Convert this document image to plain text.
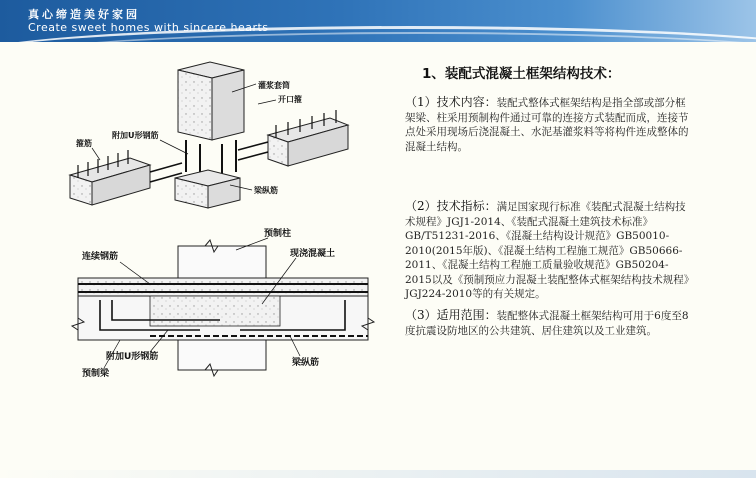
真心缔造美好家园
Create sweet homes with sincere hearts
灌浆套筒
开口箍
箍筋
附加U形钢筋
梁纵筋
预制柱
连续钢筋	现浇混凝土
附加U形钢筋
梁纵筋
预制梁
1、装配式混凝土框架结构技术：
（1）技术内容：装配式整体式框架结构是指全部或部分框架梁、柱采用预制构件通过可靠的连接方式装配而成，连接节点处采用现场后浇混凝土、水泥基灌浆料等将构件连成整体的混凝土结构。
（2）技术指标：满足国家现行标准《装配式混凝土结构技术规程》JGJ1-2014、《装配式混凝土建筑技术标准》GB/T51231-2016、《混凝土结构设计规范》GB50010-2010(2015年版)、《混凝土结构工程施工规范》GB50666-2011、《混凝土结构工程施工质量验收规范》GB50204-2015以及《预制预应力混凝土装配整体式框架结构技术规程》JGJ224-2010等的有关规定。
（3）适用范围：装配整体式混凝土框架结构可用于6度至8度抗震设防地区的公共建筑、居住建筑以及工业建筑。
